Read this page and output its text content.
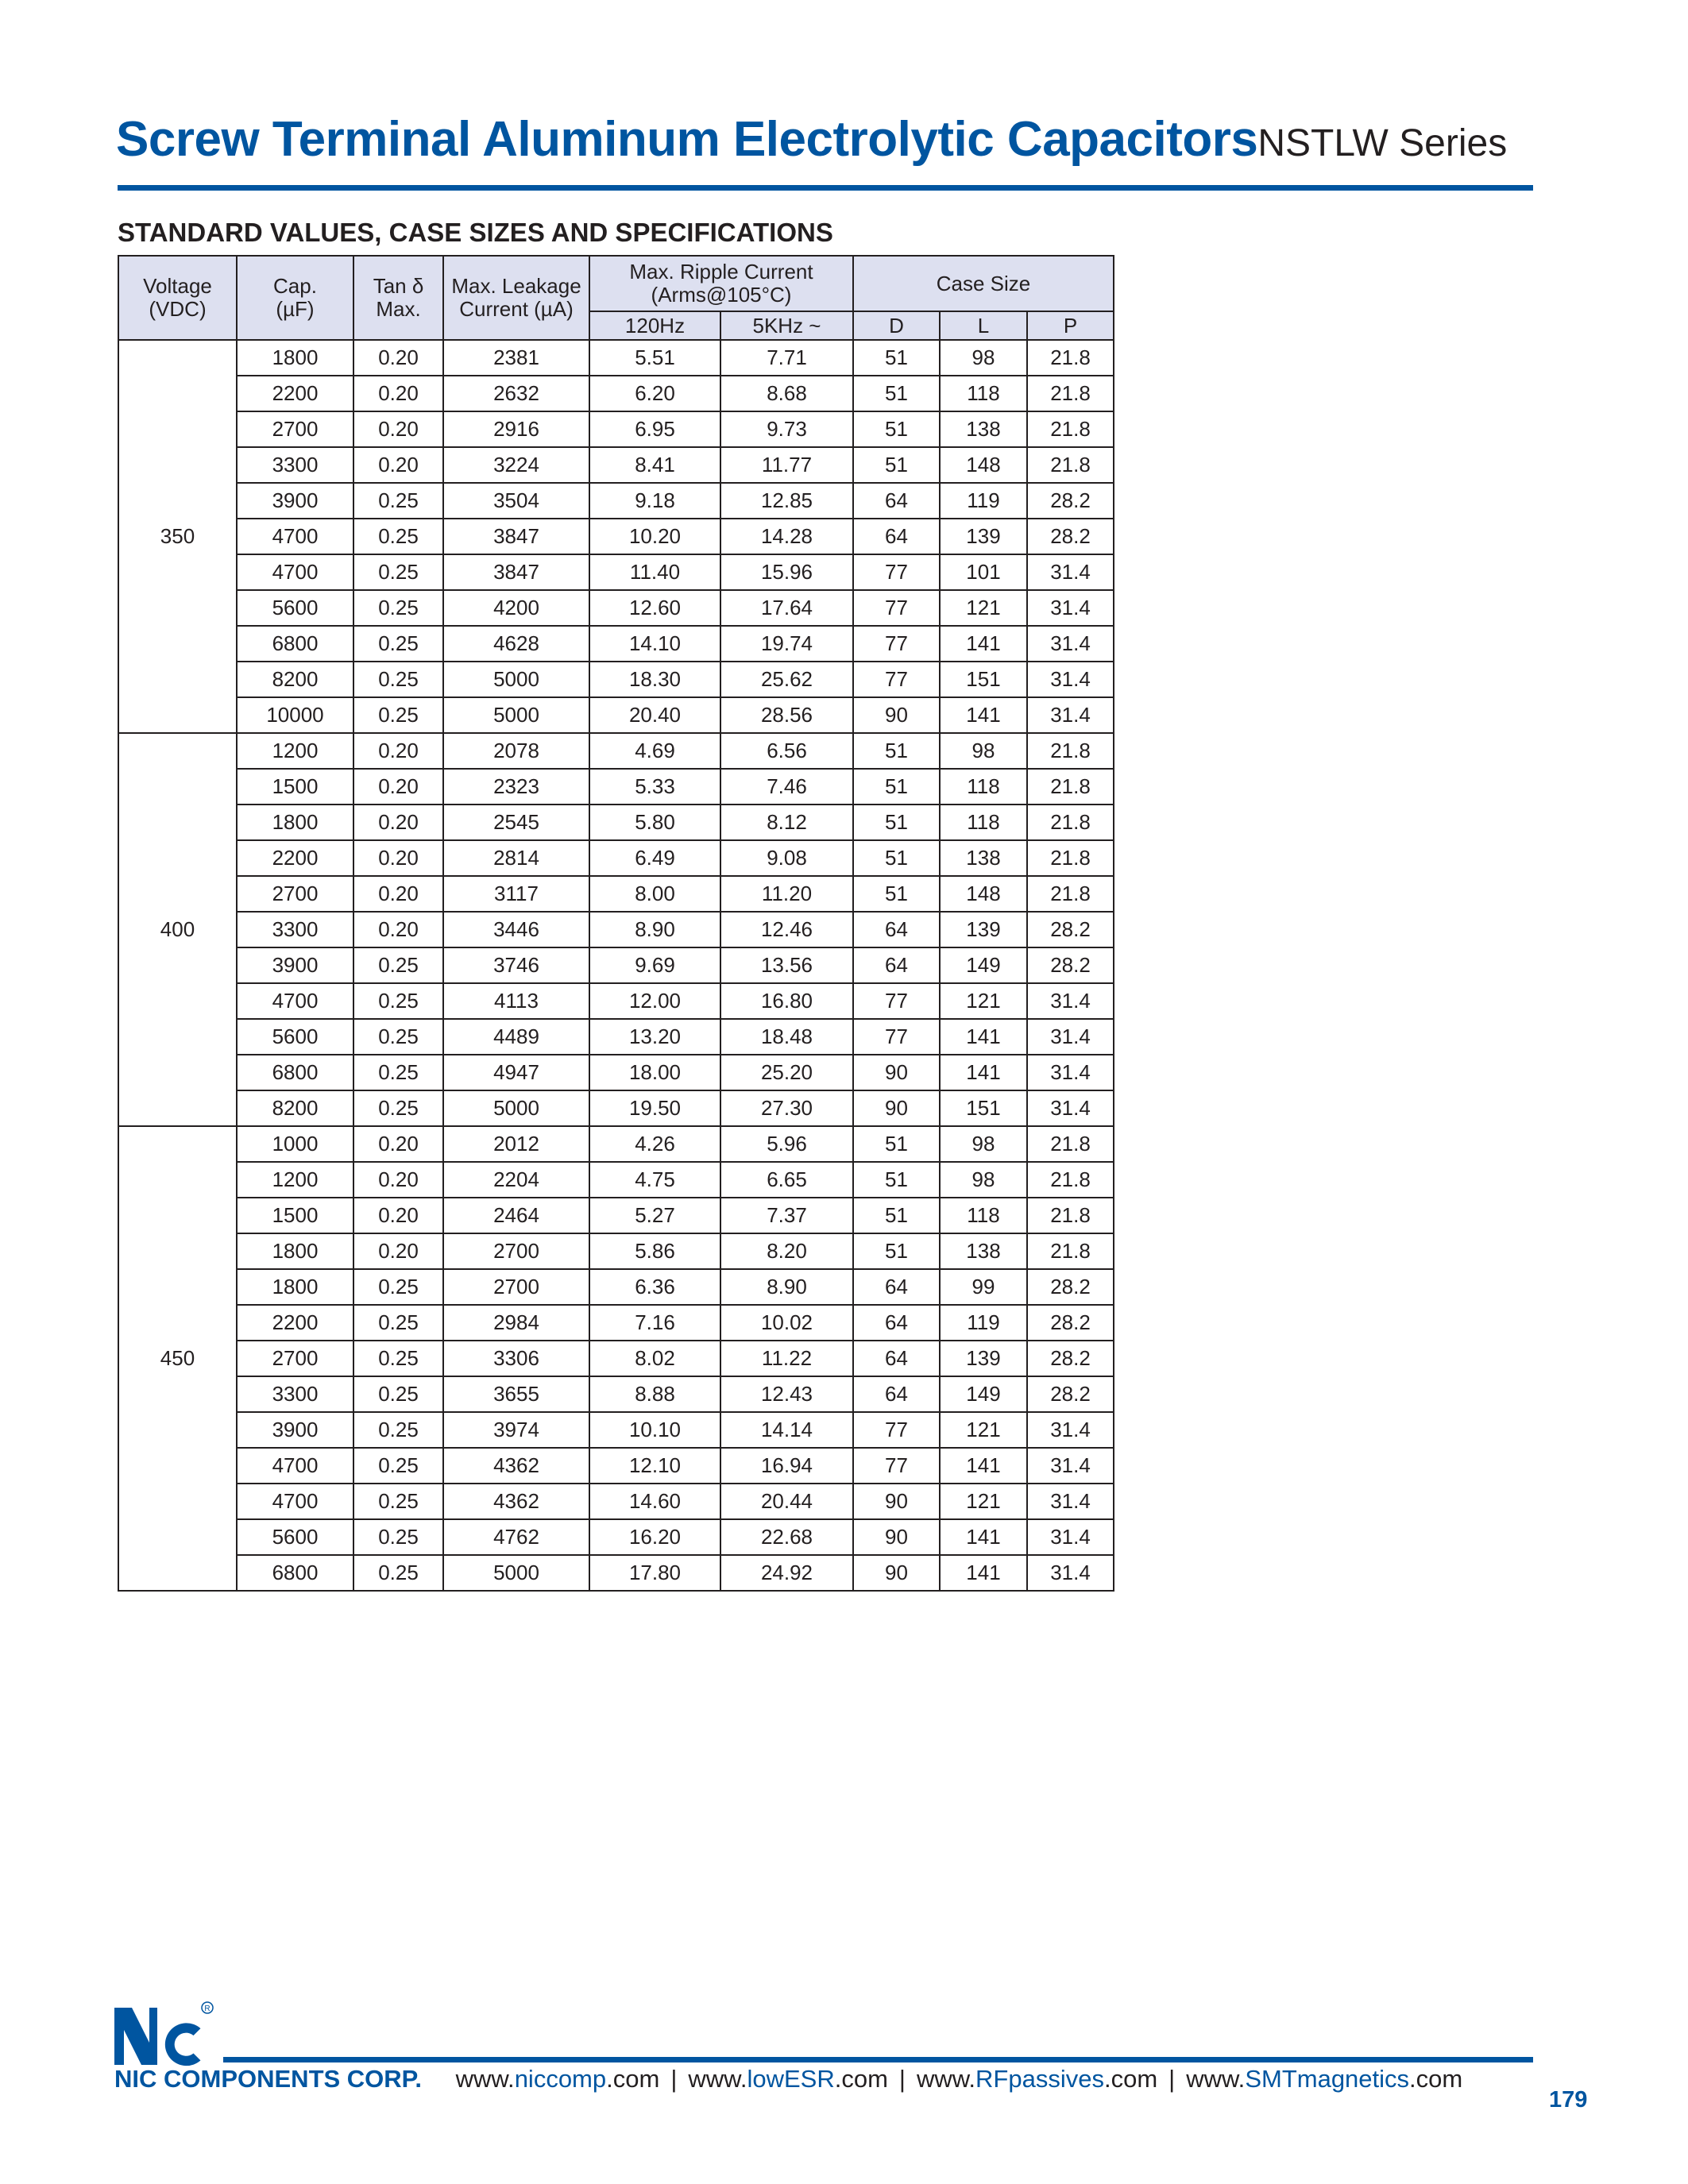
Screw Terminal Aluminum Electrolytic CapacitorsNSTLW Series
STANDARD VALUES, CASE SIZES AND SPECIFICATIONS
Voltage (VDC)	Cap. (µF)	Tan δ Max.	Max. Leakage Current (µA)	Max. Ripple Current (Arms@105°C)		Case Size		
				120Hz	5KHz ~	D	L	P
350	1800	0.20	2381	5.51	7.71	51	98	21.8
	2200	0.20	2632	6.20	8.68	51	118	21.8
	2700	0.20	2916	6.95	9.73	51	138	21.8
	3300	0.20	3224	8.41	11.77	51	148	21.8
	3900	0.25	3504	9.18	12.85	64	119	28.2
	4700	0.25	3847	10.20	14.28	64	139	28.2
	4700	0.25	3847	11.40	15.96	77	101	31.4
	5600	0.25	4200	12.60	17.64	77	121	31.4
	6800	0.25	4628	14.10	19.74	77	141	31.4
	8200	0.25	5000	18.30	25.62	77	151	31.4
	10000	0.25	5000	20.40	28.56	90	141	31.4
400	1200	0.20	2078	4.69	6.56	51	98	21.8
	1500	0.20	2323	5.33	7.46	51	118	21.8
	1800	0.20	2545	5.80	8.12	51	118	21.8
	2200	0.20	2814	6.49	9.08	51	138	21.8
	2700	0.20	3117	8.00	11.20	51	148	21.8
	3300	0.20	3446	8.90	12.46	64	139	28.2
	3900	0.25	3746	9.69	13.56	64	149	28.2
	4700	0.25	4113	12.00	16.80	77	121	31.4
	5600	0.25	4489	13.20	18.48	77	141	31.4
	6800	0.25	4947	18.00	25.20	90	141	31.4
	8200	0.25	5000	19.50	27.30	90	151	31.4
450	1000	0.20	2012	4.26	5.96	51	98	21.8
	1200	0.20	2204	4.75	6.65	51	98	21.8
	1500	0.20	2464	5.27	7.37	51	118	21.8
	1800	0.20	2700	5.86	8.20	51	138	21.8
	1800	0.25	2700	6.36	8.90	64	99	28.2
	2200	0.25	2984	7.16	10.02	64	119	28.2
	2700	0.25	3306	8.02	11.22	64	139	28.2
	3300	0.25	3655	8.88	12.43	64	149	28.2
	3900	0.25	3974	10.10	14.14	77	121	31.4
	4700	0.25	4362	12.10	16.94	77	141	31.4
	4700	0.25	4362	14.60	20.44	90	121	31.4
	5600	0.25	4762	16.20	22.68	90	141	31.4
	6800	0.25	5000	17.80	24.92	90	141	31.4
R
NIC COMPONENTS CORP. www.niccomp.com | www.lowESR.com | www.RFpassives.com | www.SMTmagnetics.com
179
